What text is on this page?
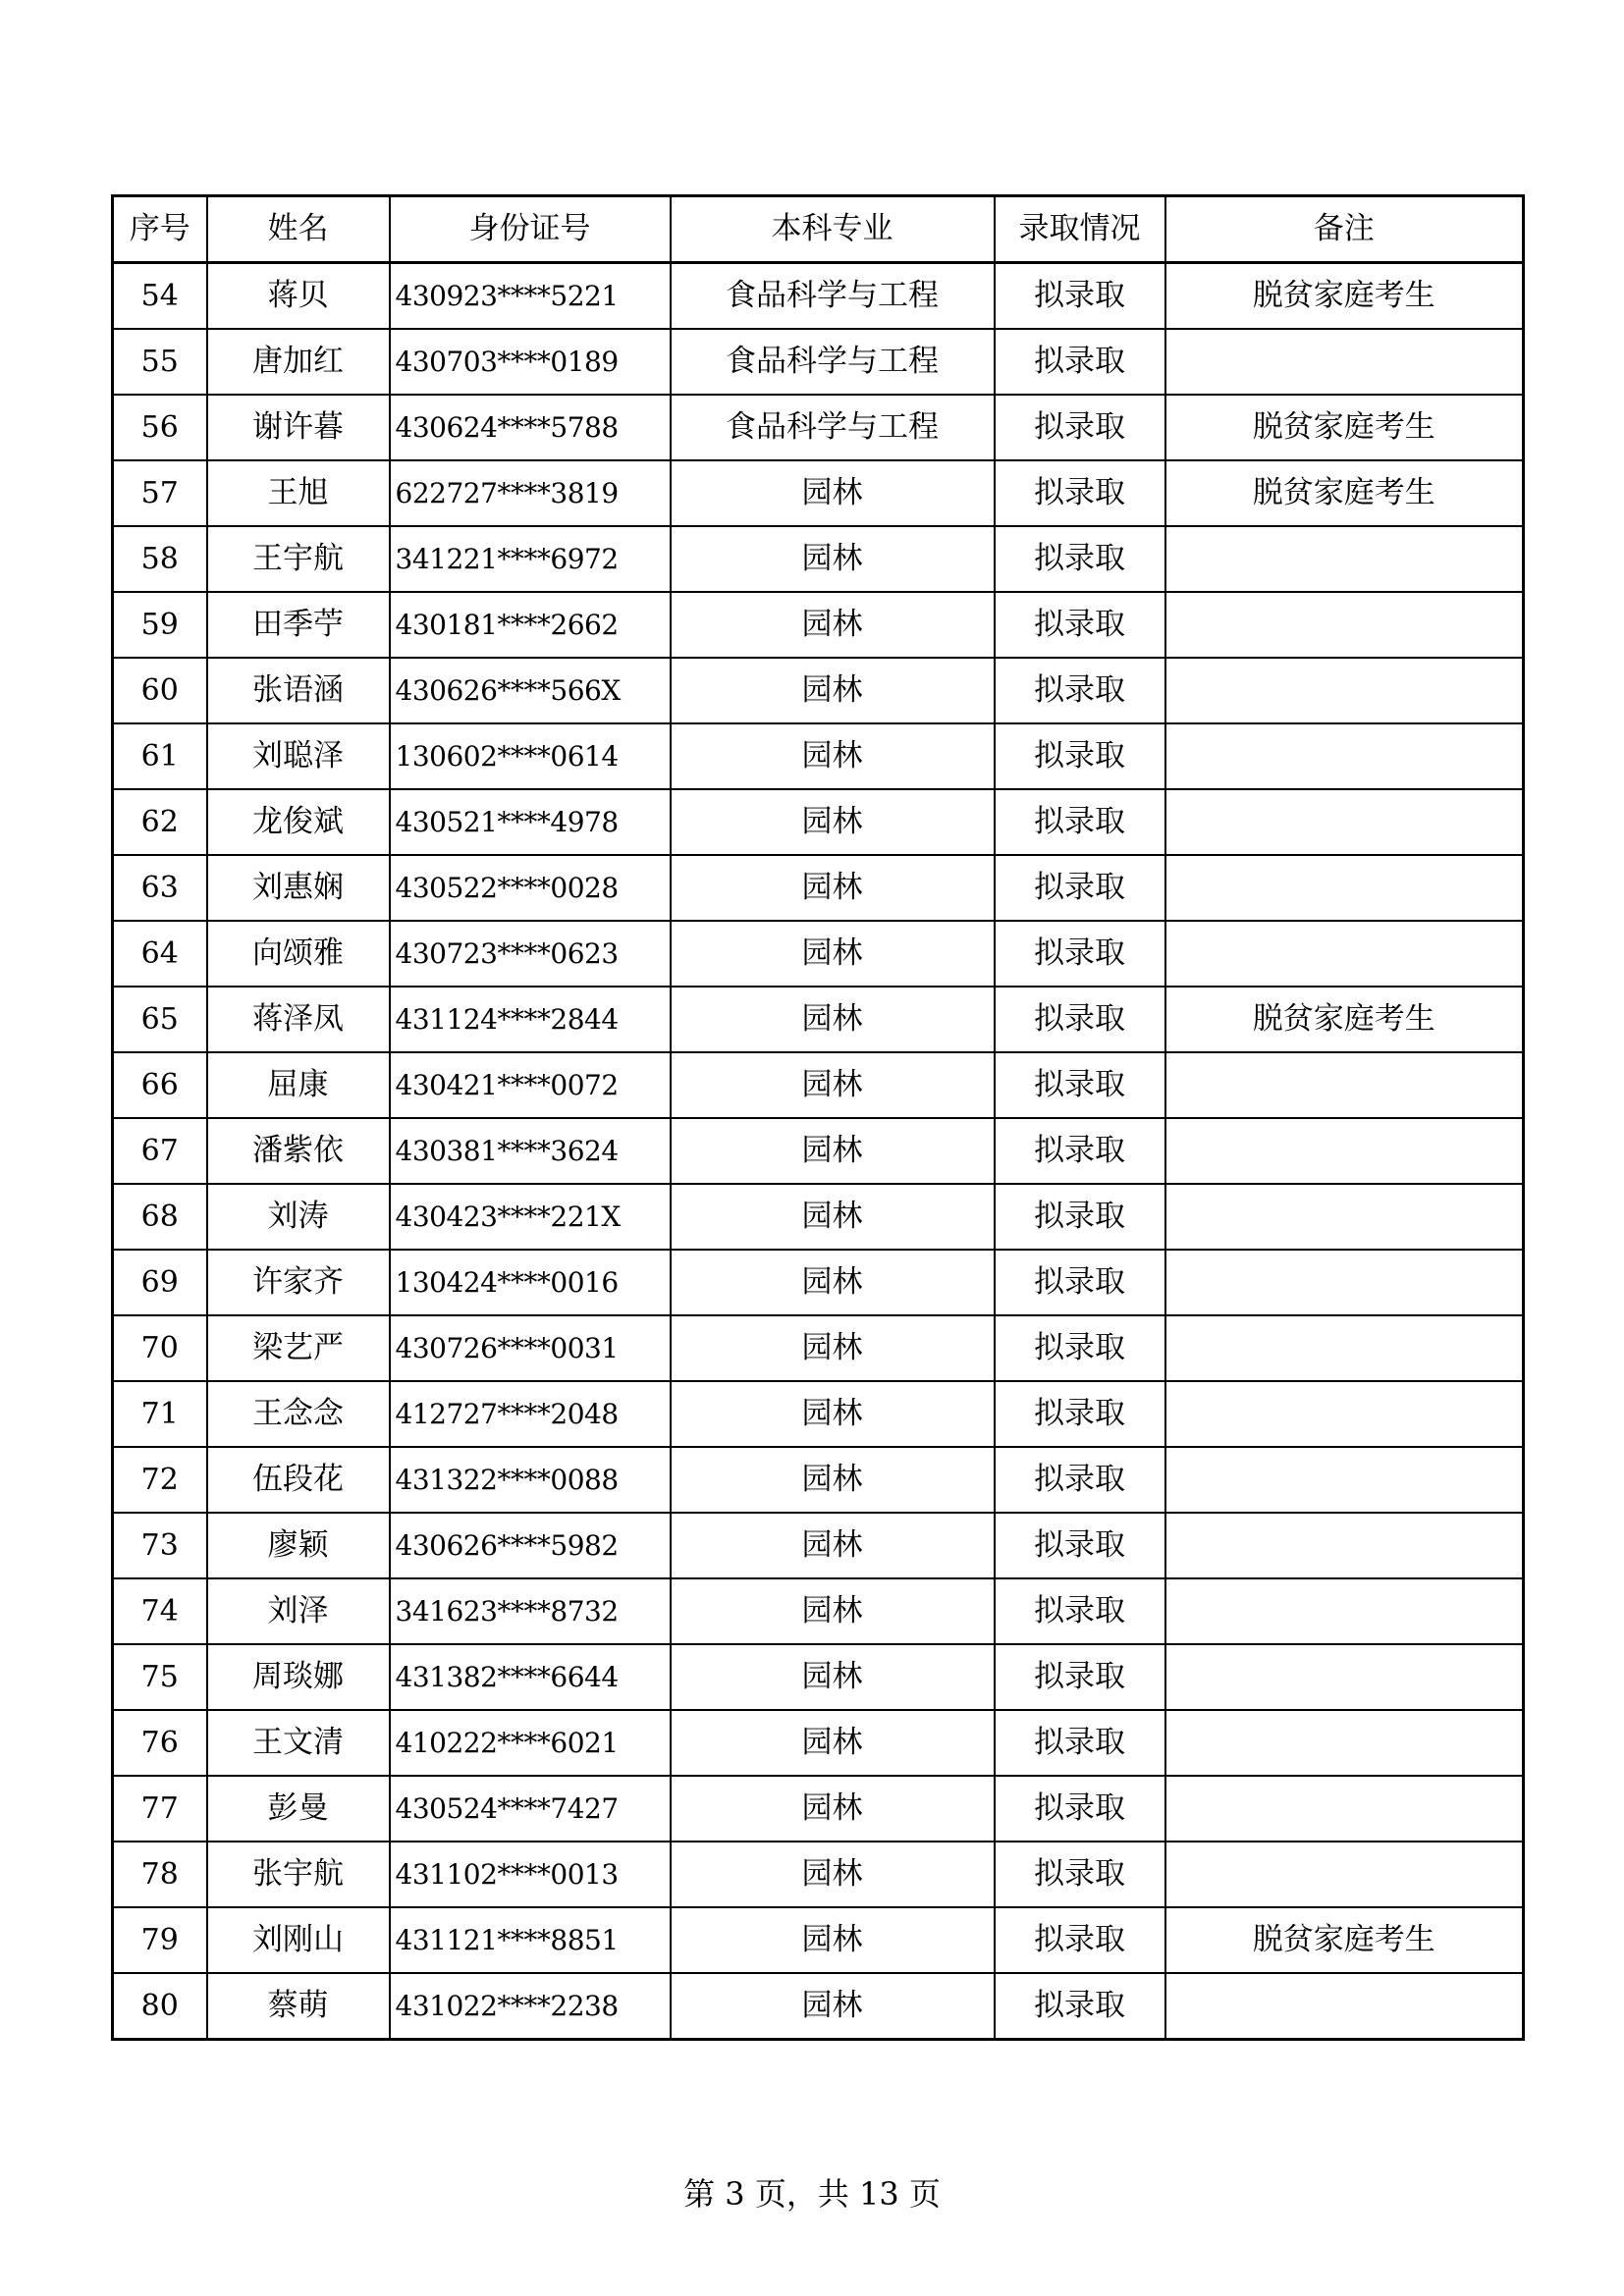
序号	姓名	身份证号	本科专业	录取情况	备注
54	蒋贝	430923****5221	食品科学与工程	拟录取	脱贫家庭考生
55	唐加红	430703****0189	食品科学与工程	拟录取	
56	谢许暮	430624****5788	食品科学与工程	拟录取	脱贫家庭考生
57	王旭	622727****3819	园林	拟录取	脱贫家庭考生
58	王宇航	341221****6972	园林	拟录取	
59	田季苧	430181****2662	园林	拟录取	
60	张语涵	430626****566X	园林	拟录取	
61	刘聪泽	130602****0614	园林	拟录取	
62	龙俊斌	430521****4978	园林	拟录取	
63	刘惠娴	430522****0028	园林	拟录取	
64	向颂雅	430723****0623	园林	拟录取	
65	蒋泽凤	431124****2844	园林	拟录取	脱贫家庭考生
66	屈康	430421****0072	园林	拟录取	
67	潘紫依	430381****3624	园林	拟录取	
68	刘涛	430423****221X	园林	拟录取	
69	许家齐	130424****0016	园林	拟录取	
70	梁艺严	430726****0031	园林	拟录取	
71	王念念	412727****2048	园林	拟录取	
72	伍段花	431322****0088	园林	拟录取	
73	廖颖	430626****5982	园林	拟录取	
74	刘泽	341623****8732	园林	拟录取	
75	周琰娜	431382****6644	园林	拟录取	
76	王文清	410222****6021	园林	拟录取	
77	彭曼	430524****7427	园林	拟录取	
78	张宇航	431102****0013	园林	拟录取	
79	刘刚山	431121****8851	园林	拟录取	脱贫家庭考生
80	蔡萌	431022****2238	园林	拟录取	
第 3 页，共 13 页
